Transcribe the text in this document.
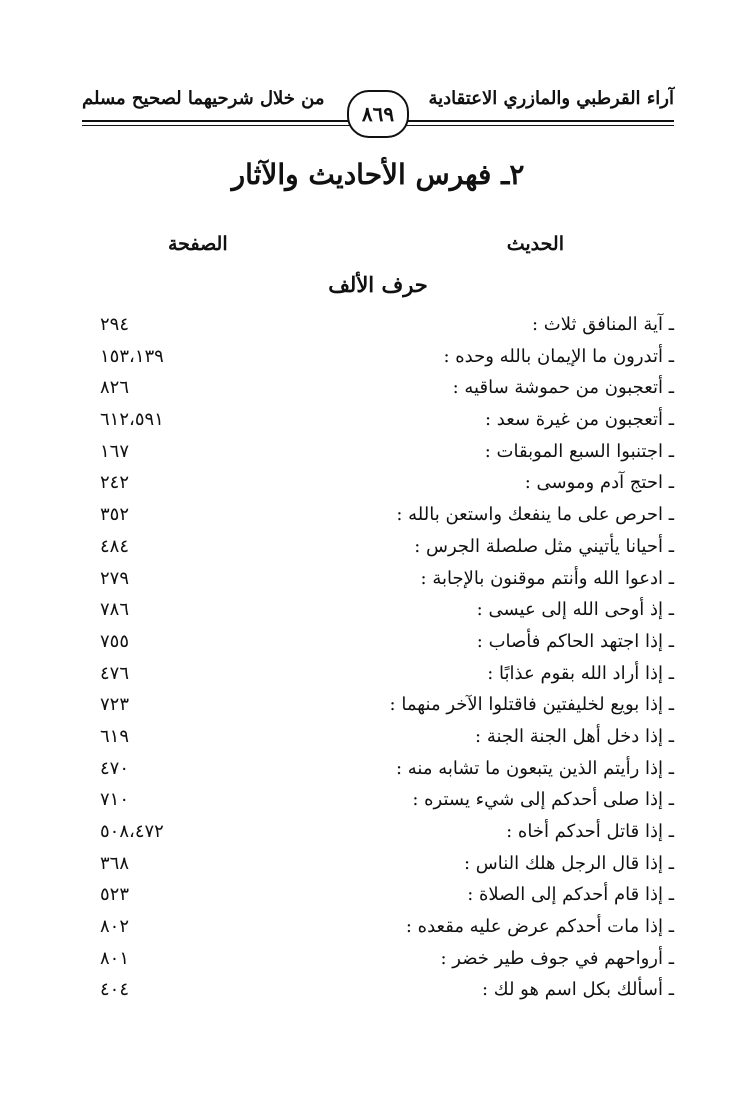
آراء القرطبي والمازري الاعتقادية
من خلال شرحيهما لصحيح مسلم
٨٦٩
٢ـ فهرس الأحاديث والآثار
الحديث
الصفحة
حرف الألف
ـ آية المنافق ثلاث :
٢٩٤
ـ أتدرون ما الإيمان بالله وحده :
١٥٣،١٣٩
ـ أتعجبون من حموشة ساقيه :
٨٢٦
ـ أتعجبون من غيرة سعد :
٦١٢،٥٩١
ـ اجتنبوا السبع الموبقات :
١٦٧
ـ احتج آدم وموسى :
٢٤٢
ـ احرص على ما ينفعك واستعن بالله :
٣٥٢
ـ أحيانا يأتيني مثل صلصلة الجرس :
٤٨٤
ـ ادعوا الله وأنتم موقنون بالإجابة :
٢٧٩
ـ إذ أوحى الله إلى عيسى :
٧٨٦
ـ إذا اجتهد الحاكم فأصاب :
٧٥٥
ـ إذا أراد الله بقوم عذابًا :
٤٧٦
ـ إذا بويع لخليفتين فاقتلوا الآخر منهما :
٧٢٣
ـ إذا دخل أهل الجنة الجنة :
٦١٩
ـ إذا رأيتم الذين يتبعون ما تشابه منه :
٤٧٠
ـ إذا صلى أحدكم إلى شيء يستره :
٧١٠
ـ إذا قاتل أحدكم أخاه :
٥٠٨،٤٧٢
ـ إذا قال الرجل هلك الناس :
٣٦٨
ـ إذا قام أحدكم إلى الصلاة :
٥٢٣
ـ إذا مات أحدكم عرض عليه مقعده :
٨٠٢
ـ أرواحهم في جوف طير خضر :
٨٠١
ـ أسألك بكل اسم هو لك :
٤٠٤
